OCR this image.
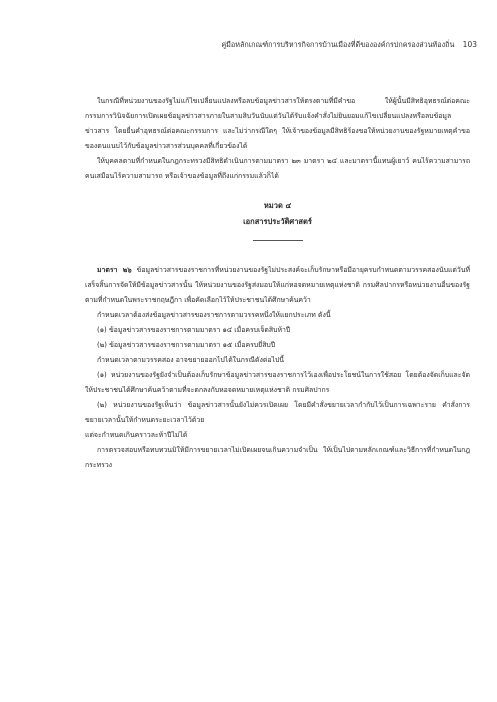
คู่มือหลักเกณฑ์การบริหารกิจการบ้านเมืองที่ดีขององค์กรปกครองส่วนท้องถิ่น 103

ในกรณีที่หน่วยงานของรัฐไม่แก้ไขเปลี่ยนแปลงหรือลบข้อมูลข่าวสารให้ตรงตามที่มีคำขอ ให้ผู้นั้นมีสิทธิอุทธรณ์ต่อคณะกรรมการวินิจฉัยการเปิดเผยข้อมูลข่าวสารภายในสามสิบวันนับแต่วันได้รับแจ้งคำสั่งไม่ยินยอมแก้ไขเปลี่ยนแปลงหรือลบข้อมูลข่าวสาร โดยยื่นคำอุทธรณ์ต่อคณะกรรมการ และไม่ว่ากรณีใดๆ ให้เจ้าของข้อมูลมีสิทธิร้องขอให้หน่วยงานของรัฐหมายเหตุคำขอของตนแนบไว้กับข้อมูลข่าวสารส่วนบุคคลที่เกี่ยวข้องได้

ให้บุคคลตามที่กำหนดในกฎกระทรวงมีสิทธิดำเนินการตามมาตรา ๒๓ มาตรา ๒๔ และมาตรานี้แทนผู้เยาว์ คนไร้ความสามารถ คนเสมือนไร้ความสามารถ หรือเจ้าของข้อมูลที่ถึงแก่กรรมแล้วก็ได้

หมวด ๔
เอกสารประวัติศาสตร์

มาตรา ๒๖ ข้อมูลข่าวสารของราชการที่หน่วยงานของรัฐไม่ประสงค์จะเก็บรักษาหรือมีอายุครบกำหนดตามวรรคสองนับแต่วันที่เสร็จสิ้นการจัดให้มีข้อมูลข่าวสารนั้น ให้หน่วยงานของรัฐส่งมอบให้แก่หอจดหมายเหตุแห่งชาติ กรมศิลปากรหรือหน่วยงานอื่นของรัฐตามที่กำหนดในพระราชกฤษฎีกา เพื่อคัดเลือกไว้ให้ประชาชนได้ศึกษาค้นคว้า

กำหนดเวลาต้องส่งข้อมูลข่าวสารของราชการตามวรรคหนึ่งให้แยกประเภท ดังนี้

(๑) ข้อมูลข่าวสารของราชการตามมาตรา ๑๔ เมื่อครบเจ็ดสิบห้าปี

(๒) ข้อมูลข่าวสารของราชการตามมาตรา ๑๕ เมื่อครบยี่สิบปี

กำหนดเวลาตามวรรคสอง อาจขยายออกไปได้ในกรณีดังต่อไปนี้

(๑) หน่วยงานของรัฐยังจำเป็นต้องเก็บรักษาข้อมูลข่าวสารของราชการไว้เองเพื่อประโยชน์ในการใช้สอย โดยต้องจัดเก็บและจัดให้ประชาชนได้ศึกษาค้นคว้าตามที่จะตกลงกับหอจดหมายเหตุแห่งชาติ กรมศิลปากร

(๒) หน่วยงานของรัฐเห็นว่า ข้อมูลข่าวสารนั้นยังไม่ควรเปิดเผย โดยมีคำสั่งขยายเวลากำกับไว้เป็นการเฉพาะราย คำสั่งการขยายเวลานั้นให้กำหนดระยะเวลาไว้ด้วย

แต่จะกำหนดเกินคราวละห้าปีไม่ได้

การตรวจสอบหรือทบทวนมิให้มีการขยายเวลาไม่เปิดเผยจนเกินความจำเป็น ให้เป็นไปตามหลักเกณฑ์และวิธีการที่กำหนดในกฎกระทรวง
